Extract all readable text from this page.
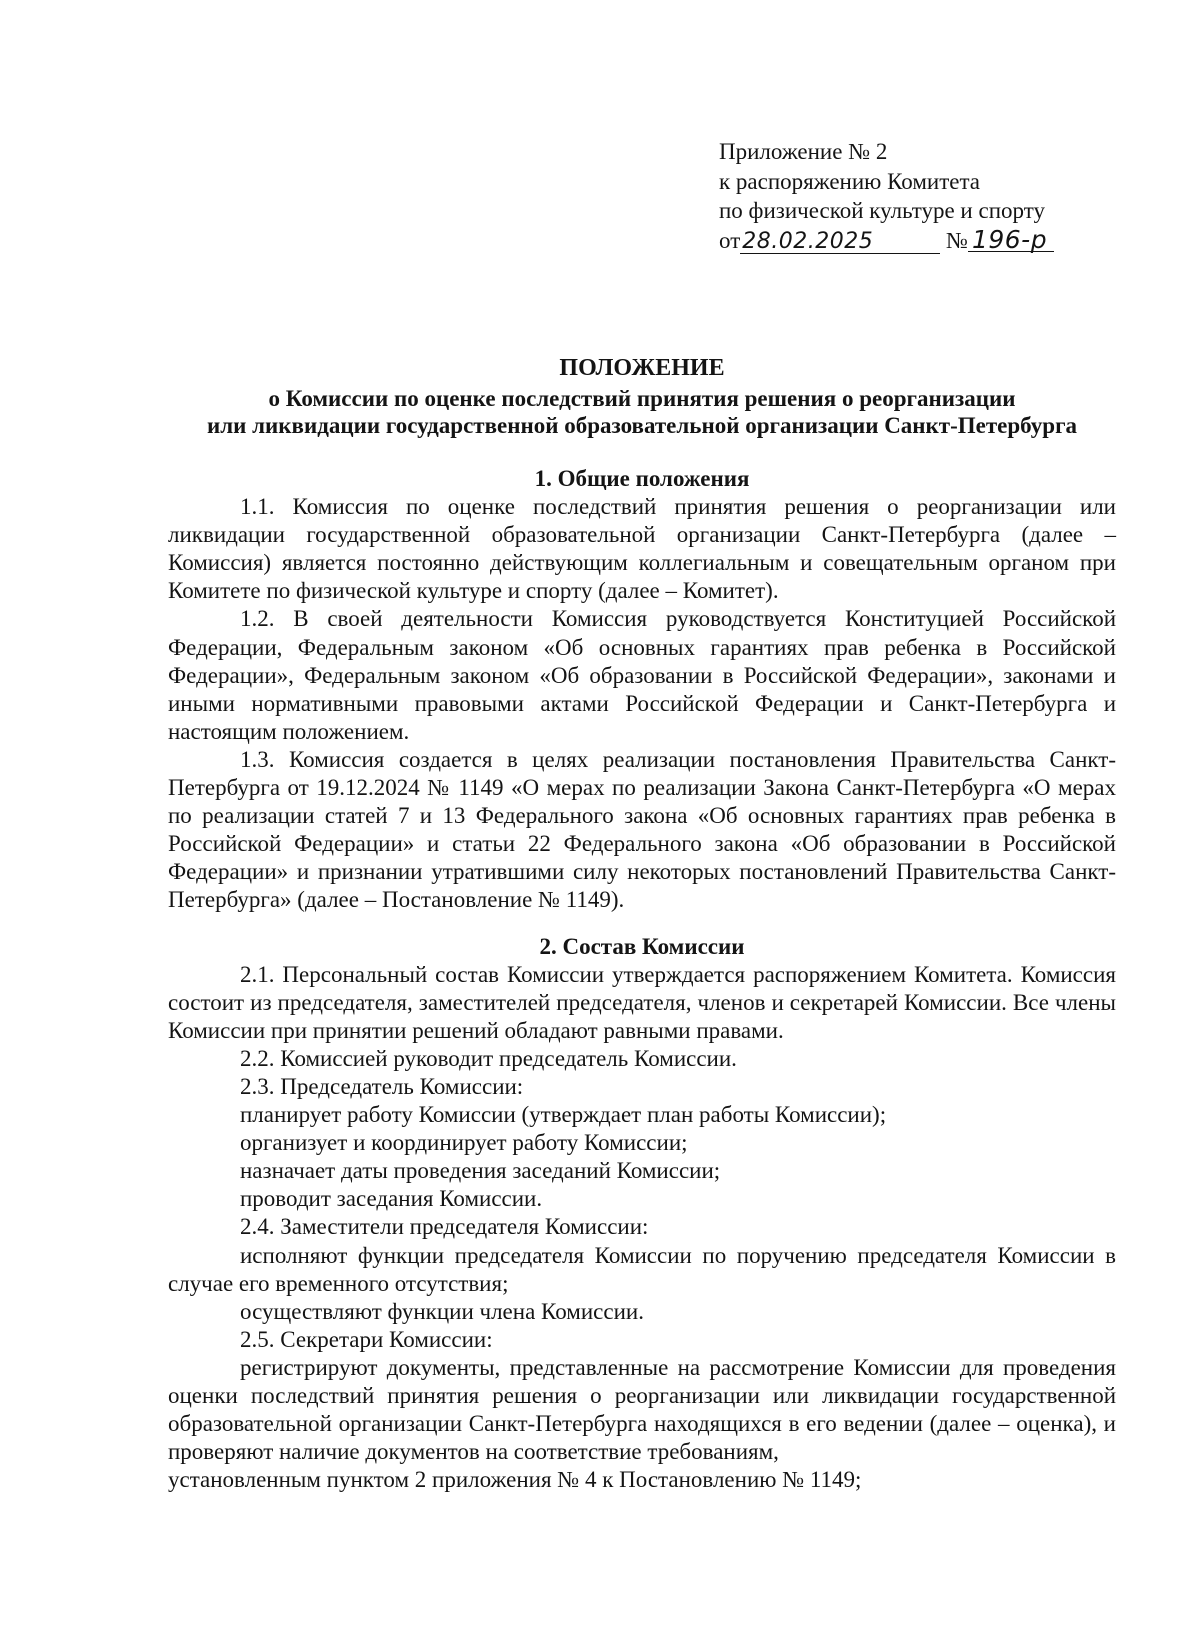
Приложение № 2
к распоряжению Комитета
по физической культуре и спорту
от28.02.2025	№ 196-р
ПОЛОЖЕНИЕ
о Комиссии по оценке последствий принятия решения о реорганизации
или ликвидации государственной образовательной организации Санкт-Петербурга

1. Общие положения

1.1. Комиссия по оценке последствий принятия решения о реорганизации или ликвидации государственной образовательной организации Санкт-Петербурга (далее – Комиссия) является постоянно действующим коллегиальным и совещательным органом при Комитете по физической культуре и спорту (далее – Комитет).

1.2. В своей деятельности Комиссия руководствуется Конституцией Российской Федерации, Федеральным законом «Об основных гарантиях прав ребенка в Российской Федерации», Федеральным законом «Об образовании в Российской Федерации», законами и иными нормативными правовыми актами Российской Федерации и Санкт-Петербурга и настоящим положением.

1.3. Комиссия создается в целях реализации постановления Правительства Санкт-Петербурга от 19.12.2024 № 1149 «О мерах по реализации Закона Санкт-Петербурга «О мерах по реализации статей 7 и 13 Федерального закона «Об основных гарантиях прав ребенка в Российской Федерации» и статьи 22 Федерального закона «Об образовании в Российской Федерации» и признании утратившими силу некоторых постановлений Правительства Санкт-Петербурга» (далее – Постановление № 1149).

2. Состав Комиссии

2.1. Персональный состав Комиссии утверждается распоряжением Комитета. Комиссия состоит из председателя, заместителей председателя, членов и секретарей Комиссии. Все члены Комиссии при принятии решений обладают равными правами.

2.2. Комиссией руководит председатель Комиссии.

2.3. Председатель Комиссии:

планирует работу Комиссии (утверждает план работы Комиссии);

организует и координирует работу Комиссии;

назначает даты проведения заседаний Комиссии;

проводит заседания Комиссии.

2.4. Заместители председателя Комиссии:

исполняют функции председателя Комиссии по поручению председателя Комиссии в случае его временного отсутствия;

осуществляют функции члена Комиссии.

2.5. Секретари Комиссии:

регистрируют документы, представленные на рассмотрение Комиссии для проведения оценки последствий принятия решения о реорганизации или ликвидации государственной образовательной организации Санкт-Петербурга находящихся в его ведении (далее – оценка), и проверяют наличие документов на соответствие требованиям,

установленным пунктом 2 приложения № 4 к Постановлению № 1149;
